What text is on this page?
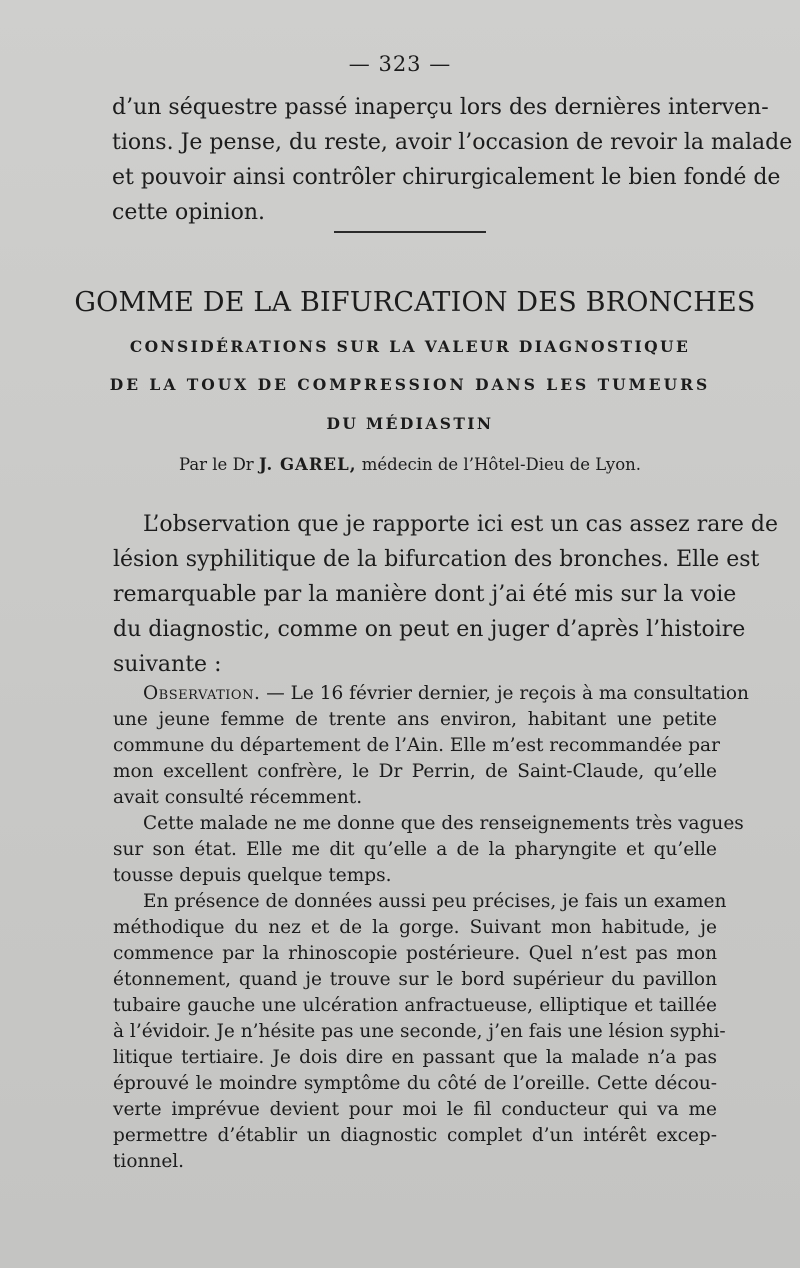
— 323 —
d’un séquestre passé inaperçu lors des dernières interven-
tions. Je pense, du reste, avoir l’occasion de revoir la malade
et pouvoir ainsi contrôler chirurgicalement le bien fondé de
cette opinion.
GOMME DE LA BIFURCATION DES BRONCHES
CONSIDÉRATIONS SUR LA VALEUR DIAGNOSTIQUE
DE LA TOUX DE COMPRESSION DANS LES TUMEURS
DU MÉDIASTIN
Par le Dr J. GAREL, médecin de l’Hôtel-Dieu de Lyon.
L’observation que je rapporte ici est un cas assez rare de
lésion syphilitique de la bifurcation des bronches. Elle est
remarquable par la manière dont j’ai été mis sur la voie
du diagnostic, comme on peut en juger d’après l’histoire
suivante :
Observation. — Le 16 février dernier, je reçois à ma consultation
une jeune femme de trente ans environ, habitant une petite
commune du département de l’Ain. Elle m’est recommandée par
mon excellent confrère, le Dr Perrin, de Saint-Claude, qu’elle
avait consulté récemment.
Cette malade ne me donne que des renseignements très vagues
sur son état. Elle me dit qu’elle a de la pharyngite et qu’elle
tousse depuis quelque temps.
En présence de données aussi peu précises, je fais un examen
méthodique du nez et de la gorge. Suivant mon habitude, je
commence par la rhinoscopie postérieure. Quel n’est pas mon
étonnement, quand je trouve sur le bord supérieur du pavillon
tubaire gauche une ulcération anfractueuse, elliptique et taillée
à l’évidoir. Je n’hésite pas une seconde, j’en fais une lésion syphi-
litique tertiaire. Je dois dire en passant que la malade n’a pas
éprouvé le moindre symptôme du côté de l’oreille. Cette décou-
verte imprévue devient pour moi le fil conducteur qui va me
permettre d’établir un diagnostic complet d’un intérêt excep-
tionnel.
